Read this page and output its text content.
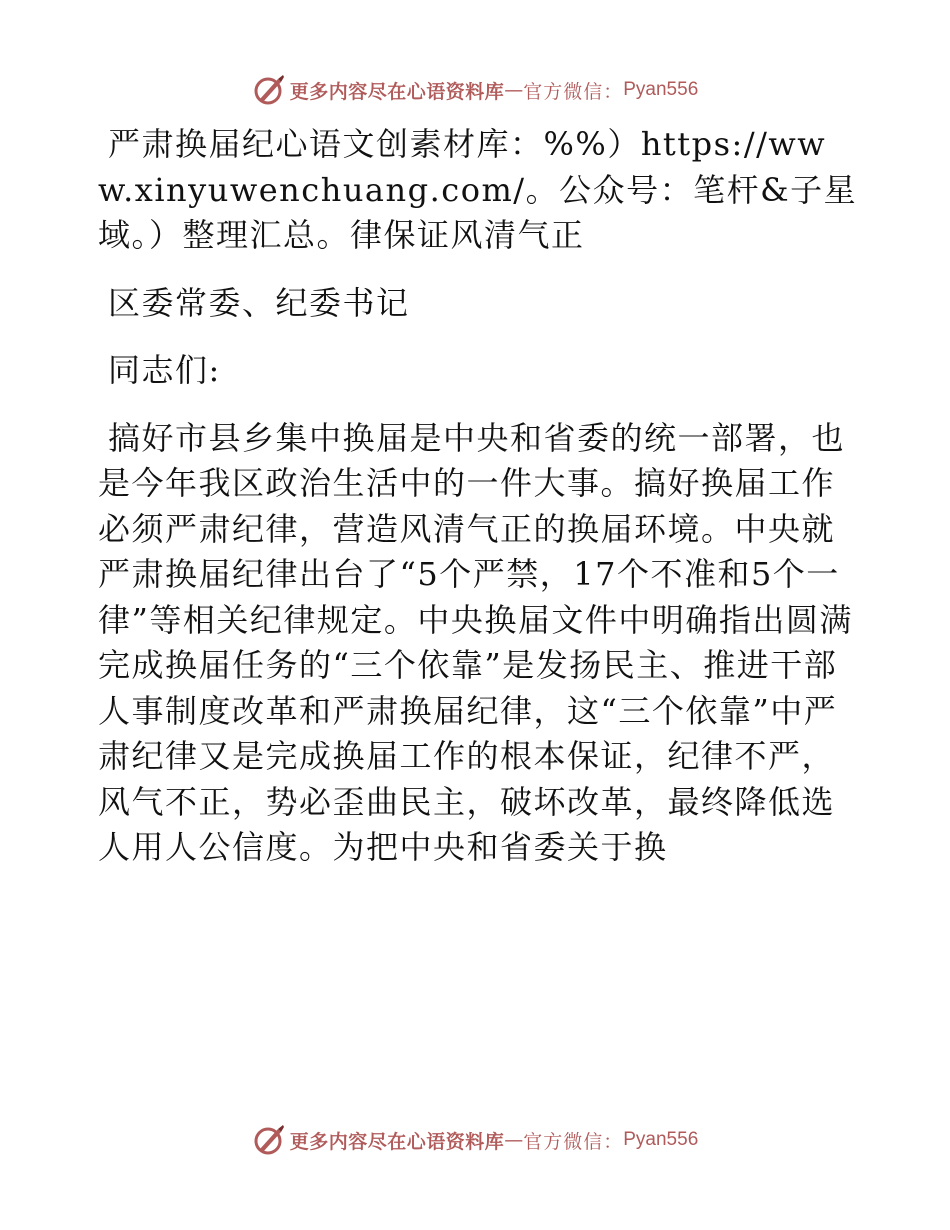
更多内容尽在心语资料库 — 官方微信： Pyan556

严肃换届纪心语文创素材库：%%）https://www.xinyuwenchuang.com/。公众号：笔杆&子星域。）整理汇总。律保证风清气正

区委常委、纪委书记

同志们:

搞好市县乡集中换届是中央和省委的统一部署，也是今年我区政治生活中的一件大事。搞好换届工作必须严肃纪律，营造风清气正的换届环境。中央就严肃换届纪律出台了“5个严禁，17个不准和5个一律”等相关纪律规定。中央换届文件中明确指出圆满完成换届任务的“三个依靠”是发扬民主、推进干部人事制度改革和严肃换届纪律，这“三个依靠”中严肃纪律又是完成换届工作的根本保证，纪律不严，风气不正，势必歪曲民主，破坏改革，最终降低选人用人公信度。为把中央和省委关于换

更多内容尽在心语资料库 — 官方微信： Pyan556
